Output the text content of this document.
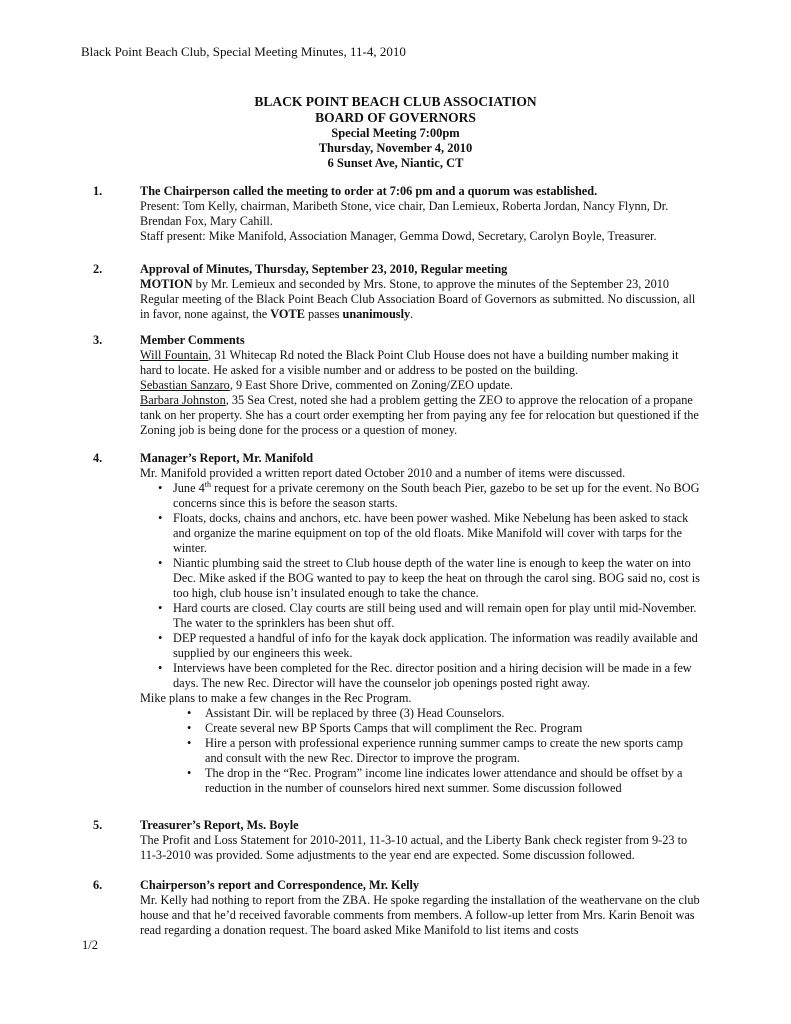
Black Point Beach Club, Special Meeting Minutes, 11-4, 2010
BLACK POINT BEACH CLUB ASSOCIATION
BOARD OF GOVERNORS
Special Meeting 7:00pm
Thursday, November 4, 2010
6 Sunset Ave, Niantic, CT
1.	The Chairperson called the meeting to order at 7:06 pm and a quorum was established.

Present: Tom Kelly, chairman, Maribeth Stone, vice chair, Dan Lemieux, Roberta Jordan, Nancy Flynn, Dr. Brendan Fox, Mary Cahill.

Staff present: Mike Manifold, Association Manager, Gemma Dowd, Secretary, Carolyn Boyle, Treasurer.

2.	Approval of Minutes, Thursday, September 23, 2010, Regular meeting

MOTION by Mr. Lemieux and seconded by Mrs. Stone, to approve the minutes of the September 23, 2010 Regular meeting of the Black Point Beach Club Association Board of Governors as submitted. No discussion, all in favor, none against, the VOTE passes unanimously.

3.	Member Comments

Will Fountain, 31 Whitecap Rd noted the Black Point Club House does not have a building number making it hard to locate. He asked for a visible number and or address to be posted on the building.

Sebastian Sanzaro, 9 East Shore Drive, commented on Zoning/ZEO update.

Barbara Johnston, 35 Sea Crest, noted she had a problem getting the ZEO to approve the relocation of a propane tank on her property. She has a court order exempting her from paying any fee for relocation but questioned if the Zoning job is being done for the process or a question of money.

4.	Manager’s Report, Mr. Manifold

Mr. Manifold provided a written report dated October 2010 and a number of items were discussed.

• June 4th request for a private ceremony on the South beach Pier, gazebo to be set up for the event. No BOG concerns since this is before the season starts.
• Floats, docks, chains and anchors, etc. have been power washed. Mike Nebelung has been asked to stack and organize the marine equipment on top of the old floats. Mike Manifold will cover with tarps for the winter.
• Niantic plumbing said the street to Club house depth of the water line is enough to keep the water on into Dec. Mike asked if the BOG wanted to pay to keep the heat on through the carol sing. BOG said no, cost is too high, club house isn’t insulated enough to take the chance.
• Hard courts are closed. Clay courts are still being used and will remain open for play until mid-November. The water to the sprinklers has been shut off.
• DEP requested a handful of info for the kayak dock application. The information was readily available and supplied by our engineers this week.
• Interviews have been completed for the Rec. director position and a hiring decision will be made in a few days. The new Rec. Director will have the counselor job openings posted right away.

Mike plans to make a few changes in the Rec Program.

• Assistant Dir. will be replaced by three (3) Head Counselors.
• Create several new BP Sports Camps that will compliment the Rec. Program
• Hire a person with professional experience running summer camps to create the new sports camp and consult with the new Rec. Director to improve the program.
• The drop in the “Rec. Program” income line indicates lower attendance and should be offset by a reduction in the number of counselors hired next summer. Some discussion followed
5.	Treasurer’s Report, Ms. Boyle

The Profit and Loss Statement for 2010-2011, 11-3-10 actual, and the Liberty Bank check register from 9-23 to 11-3-2010 was provided. Some adjustments to the year end are expected. Some discussion followed.

6.	Chairperson’s report and Correspondence, Mr. Kelly

Mr. Kelly had nothing to report from the ZBA. He spoke regarding the installation of the weathervane on the club house and that he’d received favorable comments from members. A follow-up letter from Mrs. Karin Benoit was read regarding a donation request. The board asked Mike Manifold to list items and costs

1/2
